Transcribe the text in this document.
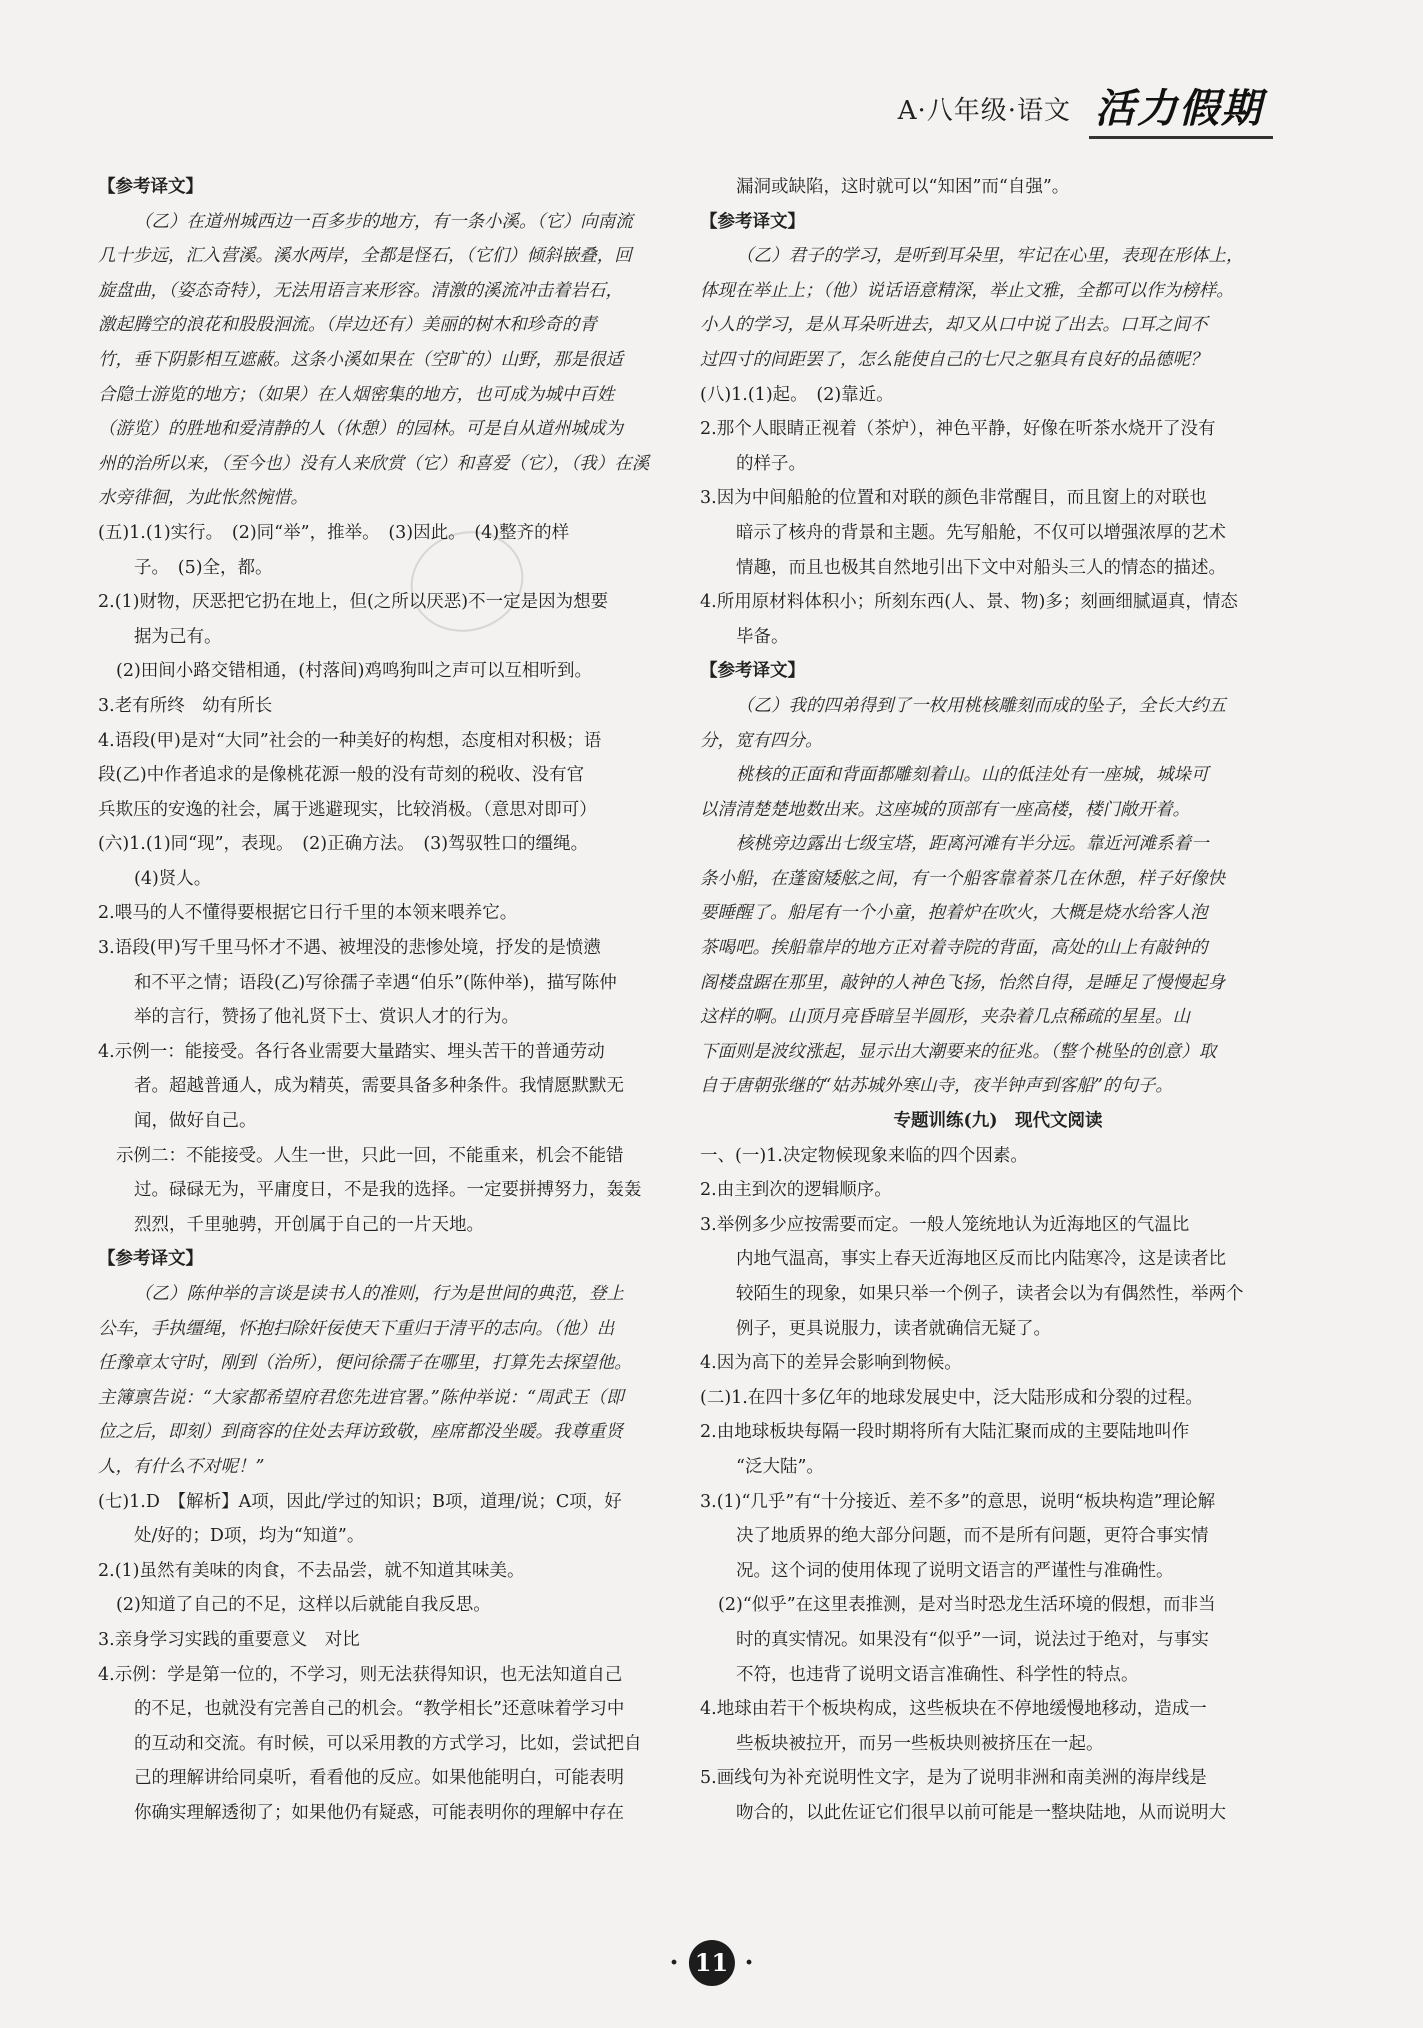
A·八年级·语文 活力假期
【参考译文】
（乙）在道州城西边一百多步的地方，有一条小溪。（它）向南流
几十步远，汇入营溪。溪水两岸，全都是怪石，（它们）倾斜嵌叠，回
旋盘曲，（姿态奇特），无法用语言来形容。清激的溪流冲击着岩石，
激起腾空的浪花和股股洄流。（岸边还有）美丽的树木和珍奇的青
竹，垂下阴影相互遮蔽。这条小溪如果在（空旷的）山野，那是很适
合隐士游览的地方；（如果）在人烟密集的地方，也可成为城中百姓
（游览）的胜地和爱清静的人（休憩）的园林。可是自从道州城成为
州的治所以来，（至今也）没有人来欣赏（它）和喜爱（它），（我）在溪
水旁徘徊，为此怅然惋惜。
(五)1.(1)实行。　(2)同“举”，推举。　(3)因此。　(4)整齐的样
子。　(5)全，都。
2.(1)财物，厌恶把它扔在地上，但(之所以厌恶)不一定是因为想要
据为己有。
(2)田间小路交错相通，(村落间)鸡鸣狗叫之声可以互相听到。
3.老有所终　幼有所长
4.语段(甲)是对“大同”社会的一种美好的构想，态度相对积极；语
段(乙)中作者追求的是像桃花源一般的没有苛刻的税收、没有官
兵欺压的安逸的社会，属于逃避现实，比较消极。（意思对即可）
(六)1.(1)同“现”，表现。　(2)正确方法。　(3)驾驭牲口的缰绳。
(4)贤人。
2.喂马的人不懂得要根据它日行千里的本领来喂养它。
3.语段(甲)写千里马怀才不遇、被埋没的悲惨处境，抒发的是愤懑
和不平之情；语段(乙)写徐孺子幸遇“伯乐”(陈仲举)，描写陈仲
举的言行，赞扬了他礼贤下士、赏识人才的行为。
4.示例一：能接受。各行各业需要大量踏实、埋头苦干的普通劳动
者。超越普通人，成为精英，需要具备多种条件。我情愿默默无
闻，做好自己。
示例二：不能接受。人生一世，只此一回，不能重来，机会不能错
过。碌碌无为，平庸度日，不是我的选择。一定要拼搏努力，轰轰
烈烈，千里驰骋，开创属于自己的一片天地。
【参考译文】
（乙）陈仲举的言谈是读书人的准则，行为是世间的典范，登上
公车，手执缰绳，怀抱扫除奸佞使天下重归于清平的志向。（他）出
任豫章太守时，刚到（治所），便问徐孺子在哪里，打算先去探望他。
主簿禀告说：“大家都希望府君您先进官署。”陈仲举说：“周武王（即
位之后，即刻）到商容的住处去拜访致敬，座席都没坐暖。我尊重贤
人，有什么不对呢！”
(七)1.D　【解析】A项，因此/学过的知识；B项，道理/说；C项，好
处/好的；D项，均为“知道”。
2.(1)虽然有美味的肉食，不去品尝，就不知道其味美。
(2)知道了自己的不足，这样以后就能自我反思。
3.亲身学习实践的重要意义　对比
4.示例：学是第一位的，不学习，则无法获得知识，也无法知道自己
的不足，也就没有完善自己的机会。“教学相长”还意味着学习中
的互动和交流。有时候，可以采用教的方式学习，比如，尝试把自
己的理解讲给同桌听，看看他的反应。如果他能明白，可能表明
你确实理解透彻了；如果他仍有疑惑，可能表明你的理解中存在
漏洞或缺陷，这时就可以“知困”而“自强”。
【参考译文】
（乙）君子的学习，是听到耳朵里，牢记在心里，表现在形体上，
体现在举止上；（他）说话语意精深，举止文雅，全都可以作为榜样。
小人的学习，是从耳朵听进去，却又从口中说了出去。口耳之间不
过四寸的间距罢了，怎么能使自己的七尺之躯具有良好的品德呢？
(八)1.(1)起。　(2)靠近。
2.那个人眼睛正视着（茶炉），神色平静，好像在听茶水烧开了没有
的样子。
3.因为中间船舱的位置和对联的颜色非常醒目，而且窗上的对联也
暗示了核舟的背景和主题。先写船舱，不仅可以增强浓厚的艺术
情趣，而且也极其自然地引出下文中对船头三人的情态的描述。
4.所用原材料体积小；所刻东西(人、景、物)多；刻画细腻逼真，情态
毕备。
【参考译文】
（乙）我的四弟得到了一枚用桃核雕刻而成的坠子，全长大约五
分，宽有四分。
桃核的正面和背面都雕刻着山。山的低洼处有一座城，城垛可
以清清楚楚地数出来。这座城的顶部有一座高楼，楼门敞开着。
核桃旁边露出七级宝塔，距离河滩有半分远。靠近河滩系着一
条小船，在蓬窗矮舷之间，有一个船客靠着茶几在休憩，样子好像快
要睡醒了。船尾有一个小童，抱着炉在吹火，大概是烧水给客人泡
茶喝吧。挨船靠岸的地方正对着寺院的背面，高处的山上有敲钟的
阁楼盘踞在那里，敲钟的人神色飞扬，怡然自得，是睡足了慢慢起身
这样的啊。山顶月亮昏暗呈半圆形，夹杂着几点稀疏的星星。山
下面则是波纹涨起，显示出大潮要来的征兆。（整个桃坠的创意）取
自于唐朝张继的“姑苏城外寒山寺，夜半钟声到客船”的句子。
专题训练(九)　现代文阅读
一、(一)1.决定物候现象来临的四个因素。
2.由主到次的逻辑顺序。
3.举例多少应按需要而定。一般人笼统地认为近海地区的气温比
内地气温高，事实上春天近海地区反而比内陆寒冷，这是读者比
较陌生的现象，如果只举一个例子，读者会以为有偶然性，举两个
例子，更具说服力，读者就确信无疑了。
4.因为高下的差异会影响到物候。
(二)1.在四十多亿年的地球发展史中，泛大陆形成和分裂的过程。
2.由地球板块每隔一段时期将所有大陆汇聚而成的主要陆地叫作
“泛大陆”。
3.(1)“几乎”有“十分接近、差不多”的意思，说明“板块构造”理论解
决了地质界的绝大部分问题，而不是所有问题，更符合事实情
况。这个词的使用体现了说明文语言的严谨性与准确性。
(2)“似乎”在这里表推测，是对当时恐龙生活环境的假想，而非当
时的真实情况。如果没有“似乎”一词，说法过于绝对，与事实
不符，也违背了说明文语言准确性、科学性的特点。
4.地球由若干个板块构成，这些板块在不停地缓慢地移动，造成一
些板块被拉开，而另一些板块则被挤压在一起。
5.画线句为补充说明性文字，是为了说明非洲和南美洲的海岸线是
吻合的，以此佐证它们很早以前可能是一整块陆地，从而说明大
· 11 ·
